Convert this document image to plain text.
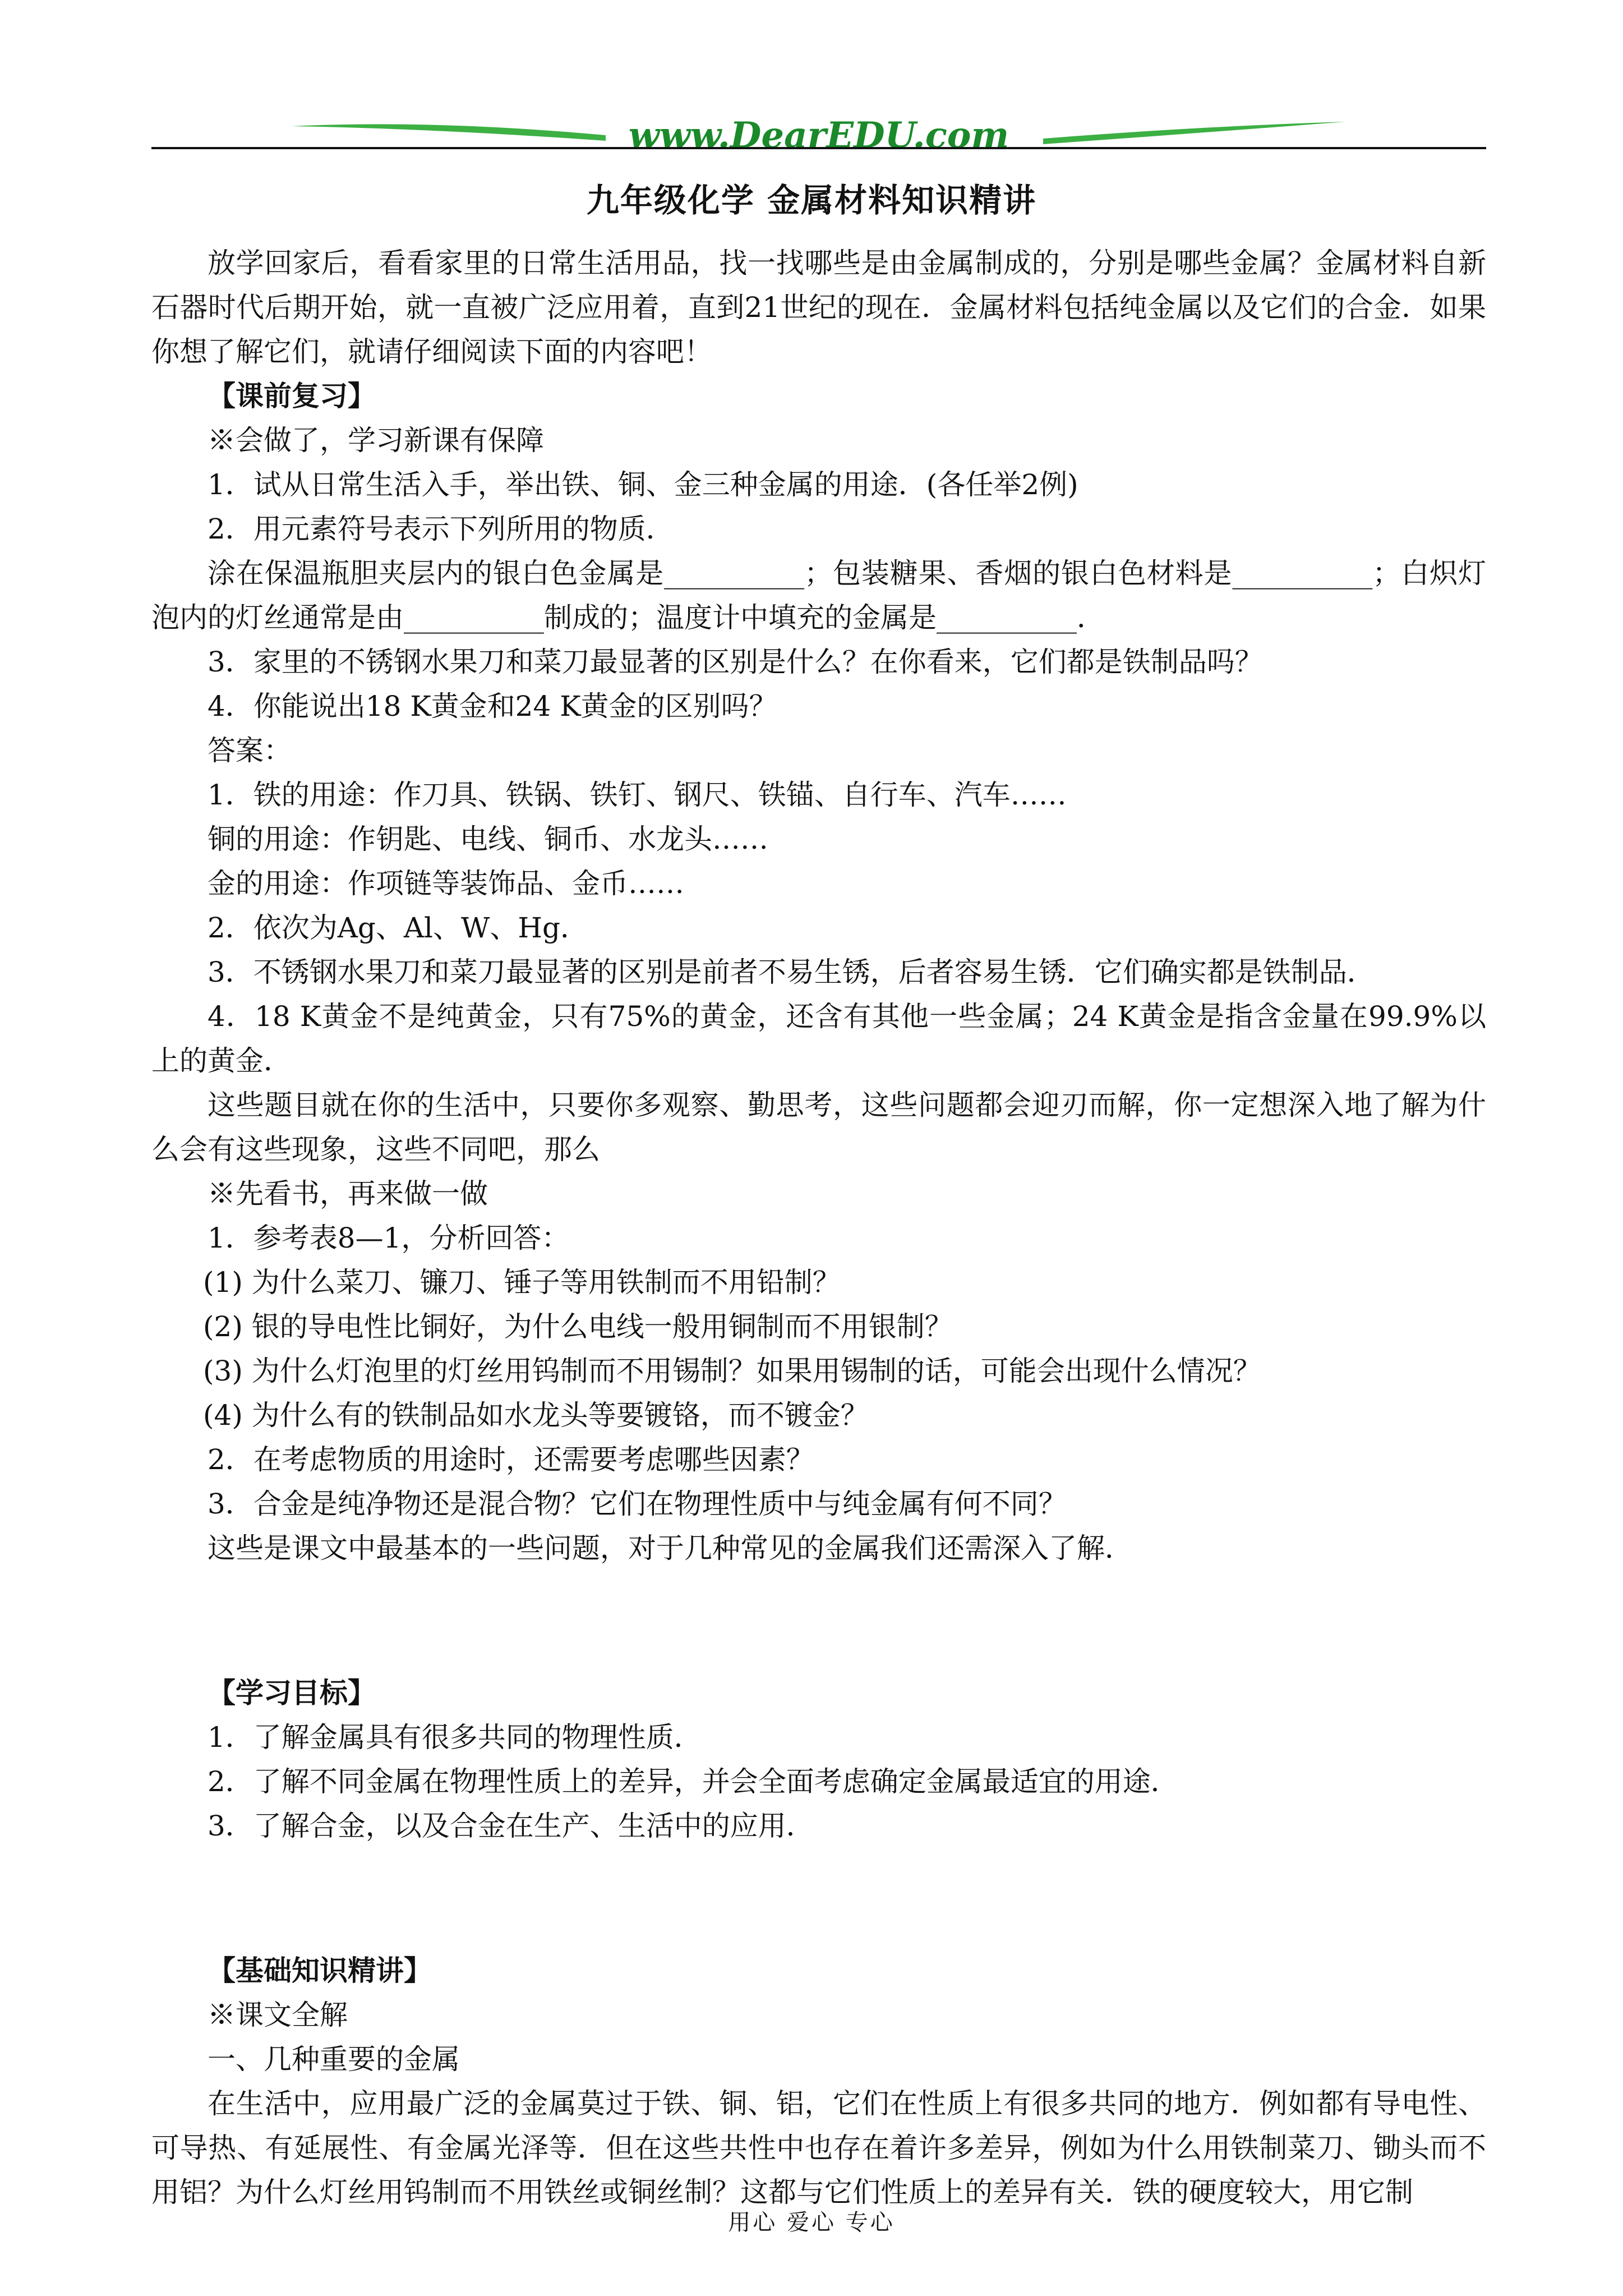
www.DearEDU.com
九年级化学 金属材料知识精讲

放学回家后，看看家里的日常生活用品，找一找哪些是由金属制成的，分别是哪些金属？金属材料自新石器时代后期开始，就一直被广泛应用着，直到21世纪的现在．金属材料包括纯金属以及它们的合金．如果你想了解它们，就请仔细阅读下面的内容吧！

【课前复习】

※会做了，学习新课有保障

1．试从日常生活入手，举出铁、铜、金三种金属的用途．(各任举2例)

2．用元素符号表示下列所用的物质．

涂在保温瓶胆夹层内的银白色金属是__________；包装糖果、香烟的银白色材料是__________；白炽灯泡内的灯丝通常是由__________制成的；温度计中填充的金属是__________．

3．家里的不锈钢水果刀和菜刀最显著的区别是什么？在你看来，它们都是铁制品吗？

4．你能说出18 K黄金和24 K黄金的区别吗？

答案：

1．铁的用途：作刀具、铁锅、铁钉、钢尺、铁锚、自行车、汽车……

铜的用途：作钥匙、电线、铜币、水龙头……

金的用途：作项链等装饰品、金币……

2．依次为Ag、Al、W、Hg．

3．不锈钢水果刀和菜刀最显著的区别是前者不易生锈，后者容易生锈．它们确实都是铁制品．

4．18 K黄金不是纯黄金，只有75%的黄金，还含有其他一些金属；24 K黄金是指含金量在99.9%以上的黄金．

这些题目就在你的生活中，只要你多观察、勤思考，这些问题都会迎刃而解，你一定想深入地了解为什么会有这些现象，这些不同吧，那么

※先看书，再来做一做

1．参考表8—1，分析回答：

(1) 为什么菜刀、镰刀、锤子等用铁制而不用铅制？

(2) 银的导电性比铜好，为什么电线一般用铜制而不用银制？

(3) 为什么灯泡里的灯丝用钨制而不用锡制？如果用锡制的话，可能会出现什么情况？

(4) 为什么有的铁制品如水龙头等要镀铬，而不镀金？

2．在考虑物质的用途时，还需要考虑哪些因素？

3．合金是纯净物还是混合物？它们在物理性质中与纯金属有何不同？

这些是课文中最基本的一些问题，对于几种常见的金属我们还需深入了解．

【学习目标】

1．了解金属具有很多共同的物理性质．

2．了解不同金属在物理性质上的差异，并会全面考虑确定金属最适宜的用途．

3．了解合金，以及合金在生产、生活中的应用．

【基础知识精讲】

※课文全解

一、几种重要的金属

在生活中，应用最广泛的金属莫过于铁、铜、铝，它们在性质上有很多共同的地方．例如都有导电性、可导热、有延展性、有金属光泽等．但在这些共性中也存在着许多差异，例如为什么用铁制菜刀、锄头而不用铝？为什么灯丝用钨制而不用铁丝或铜丝制？这都与它们性质上的差异有关．铁的硬度较大，用它制

用心 爱心 专心
